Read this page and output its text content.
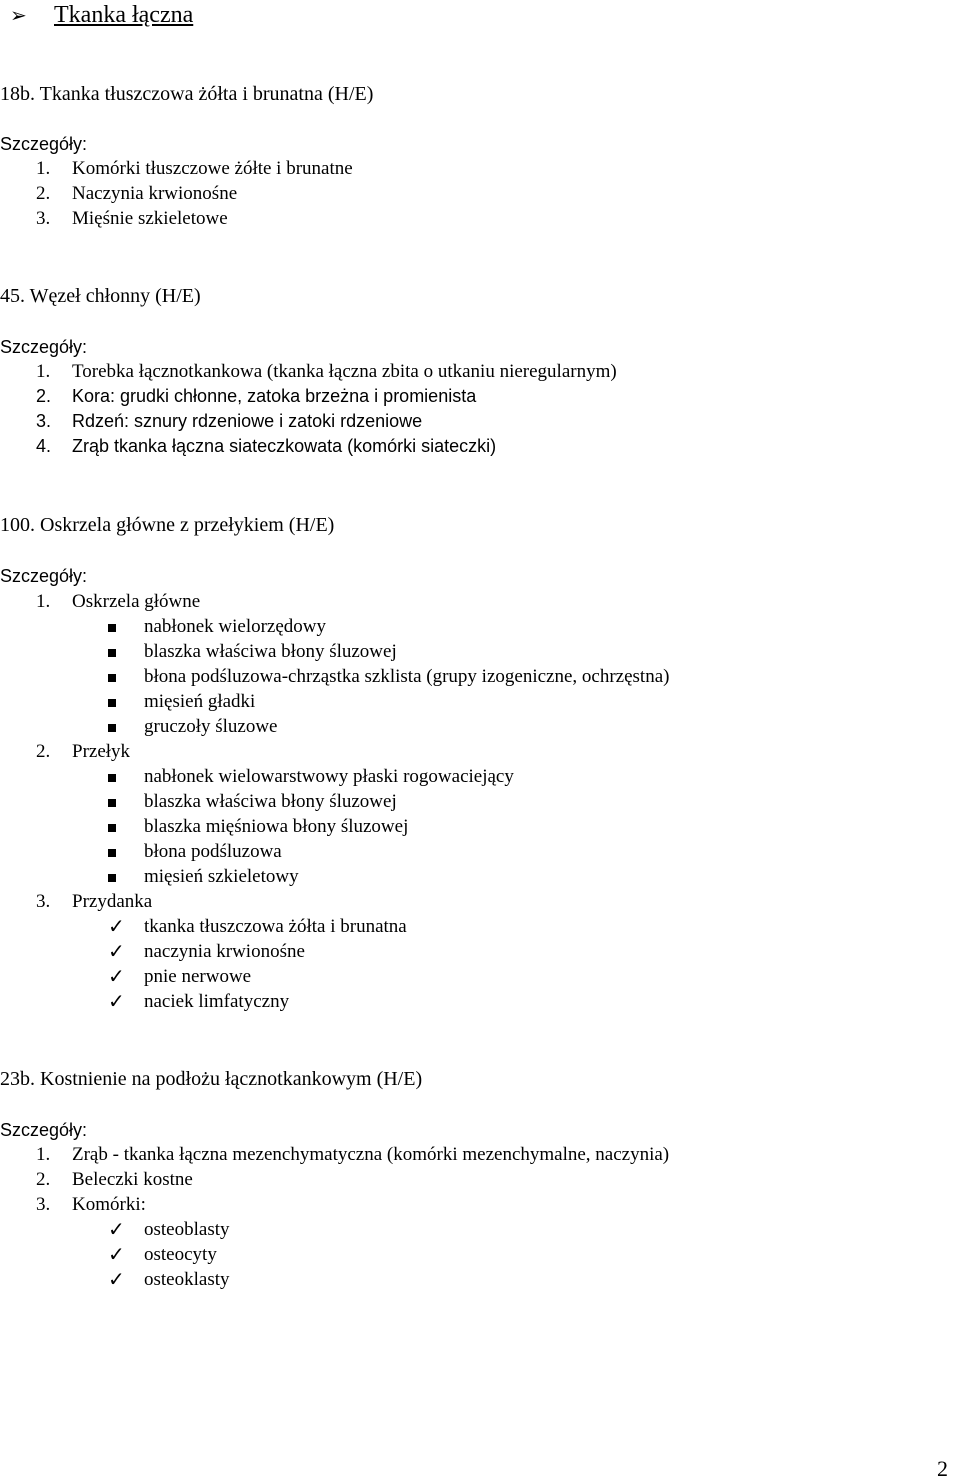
➢ Tkanka łączna
18b. Tkanka tłuszczowa żółta i brunatna (H/E)
Szczegóły:
1. Komórki tłuszczowe żółte i brunatne
2. Naczynia krwionośne
3. Mięśnie szkieletowe
45. Węzeł chłonny (H/E)
Szczegóły:
1. Torebka łącznotkankowa (tkanka łączna zbita o utkaniu nieregularnym)
2. Kora: grudki chłonne, zatoka brzeżna i promienista
3. Rdzeń: sznury rdzeniowe i zatoki rdzeniowe
4. Zrąb tkanka łączna siateczkowata (komórki siateczki)
100. Oskrzela główne z przełykiem (H/E)
Szczegóły:
1. Oskrzela główne
nabłonek wielorzędowy
blaszka właściwa błony śluzowej
błona podśluzowa-chrząstka szklista (grupy izogeniczne, ochrzęstna)
mięsień gładki
gruczoły śluzowe
2. Przełyk
nabłonek wielowarstwowy płaski rogowaciejący
blaszka właściwa błony śluzowej
blaszka mięśniowa błony śluzowej
błona podśluzowa
mięsień szkieletowy
3. Przydanka
✓ tkanka tłuszczowa żółta i brunatna
✓ naczynia krwionośne
✓ pnie nerwowe
✓ naciek limfatyczny
23b. Kostnienie na podłożu łącznotkankowym (H/E)
Szczegóły:
1. Zrąb - tkanka łączna mezenchymatyczna (komórki mezenchymalne, naczynia)
2. Beleczki kostne
3. Komórki:
✓ osteoblasty
✓ osteocyty
✓ osteoklasty
2
